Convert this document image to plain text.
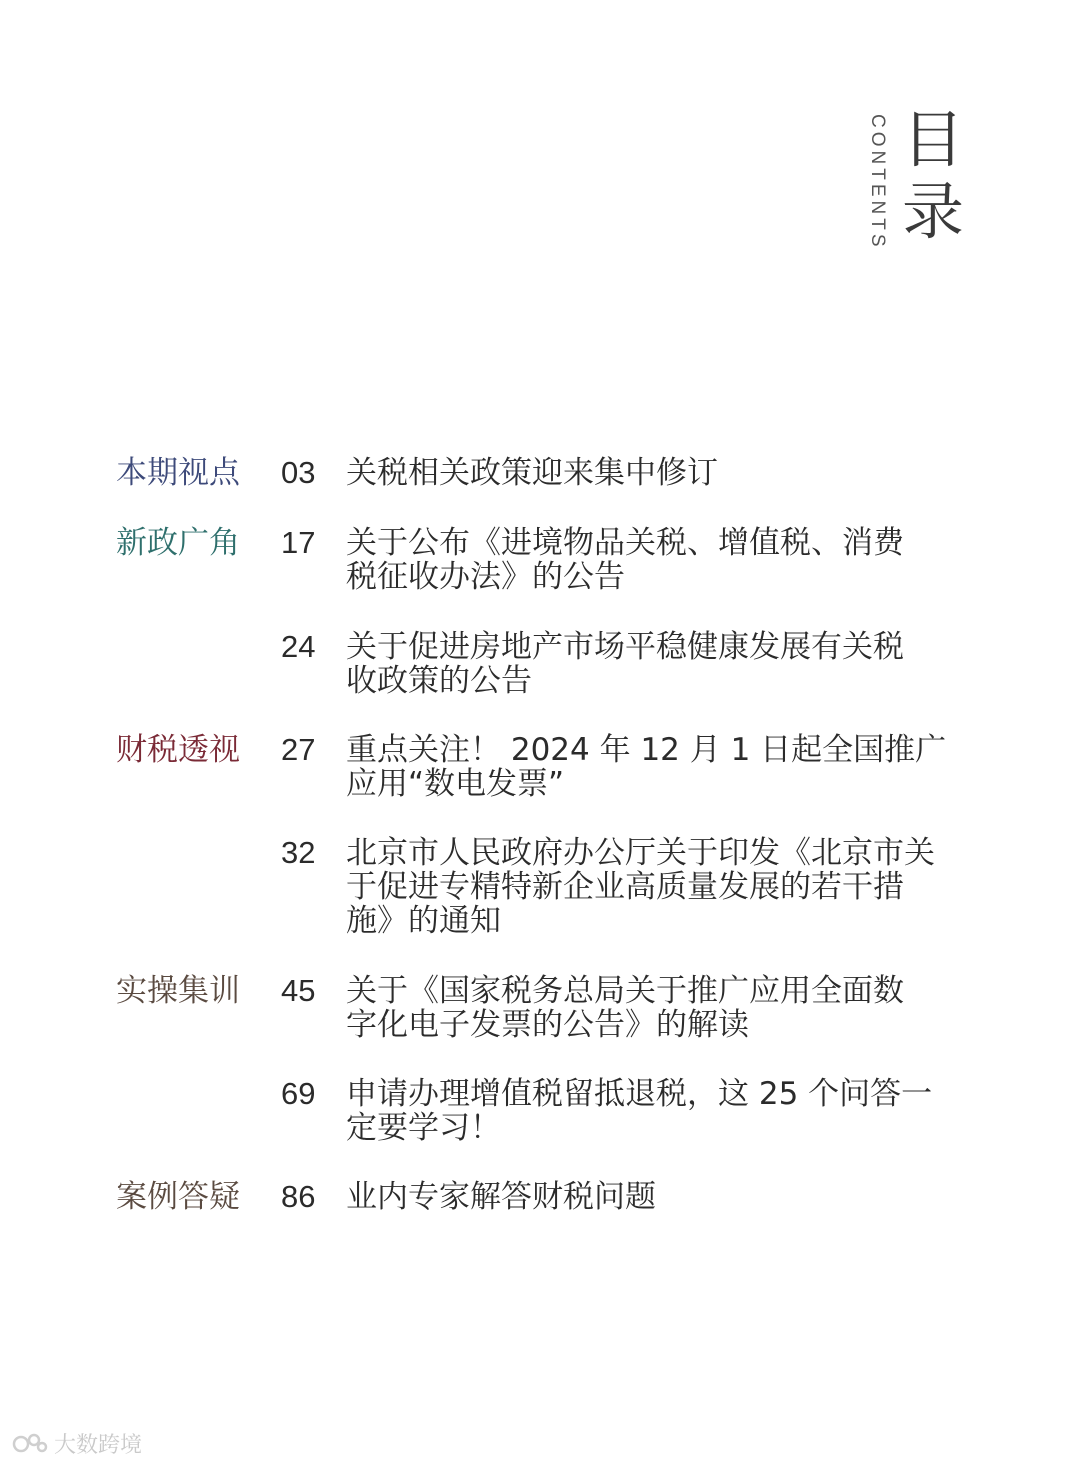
CONTENTS 目
录
本期视点	03 关税相关政策迎来集中修订
新政广角	17 关于公布《进境物品关税、增值税、消费
税征收办法》的公告
24 关于促进房地产市场平稳健康发展有关税
收政策的公告
财税透视	27 重点关注！ 2024 年 12 月 1 日起全国推广
应用“数电发票”
32 北京市人民政府办公厅关于印发《北京市关
于促进专精特新企业高质量发展的若干措
施》的通知
实操集训	45 关于《国家税务总局关于推广应用全面数
字化电子发票的公告》的解读
69 申请办理增值税留抵退税，这 25 个问答一
定要学习！
案例答疑	86 业内专家解答财税问题
大数跨境
